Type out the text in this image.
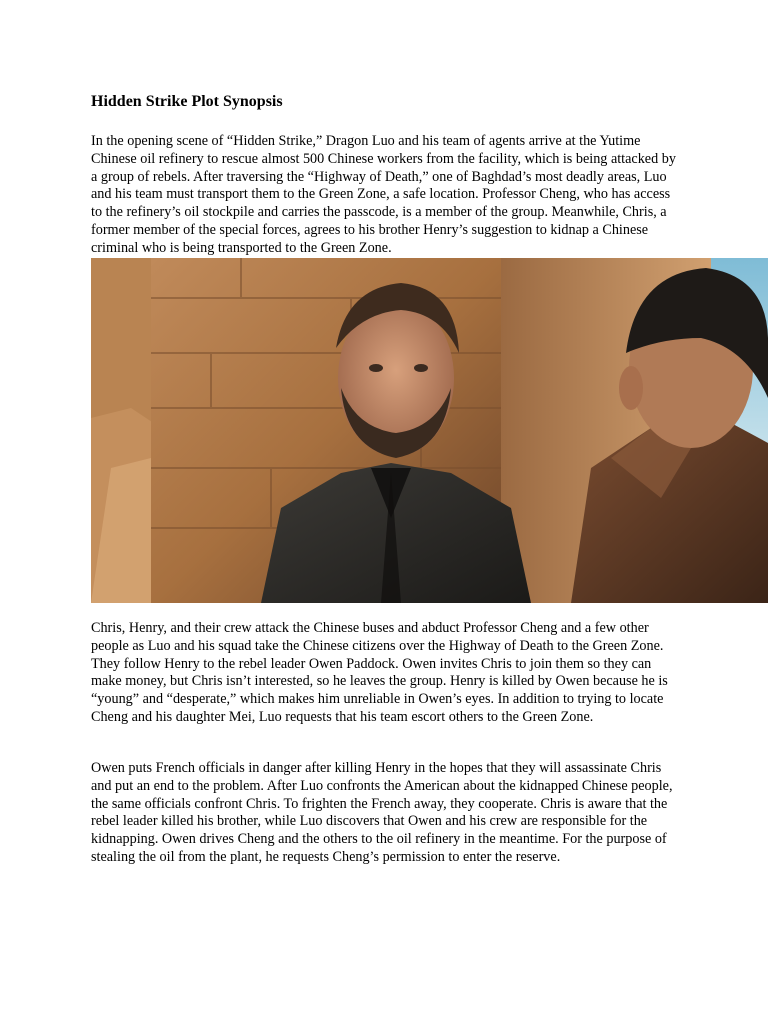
Hidden Strike Plot Synopsis

In the opening scene of “Hidden Strike,” Dragon Luo and his team of agents arrive at the Yutime Chinese oil refinery to rescue almost 500 Chinese workers from the facility, which is being attacked by a group of rebels. After traversing the “Highway of Death,” one of Baghdad’s most deadly areas, Luo and his team must transport them to the Green Zone, a safe location. Professor Cheng, who has access to the refinery’s oil stockpile and carries the passcode, is a member of the group. Meanwhile, Chris, a former member of the special forces, agrees to his brother Henry’s suggestion to kidnap a Chinese criminal who is being transported to the Green Zone.

Chris, Henry, and their crew attack the Chinese buses and abduct Professor Cheng and a few other people as Luo and his squad take the Chinese citizens over the Highway of Death to the Green Zone. They follow Henry to the rebel leader Owen Paddock. Owen invites Chris to join them so they can make money, but Chris isn’t interested, so he leaves the group. Henry is killed by Owen because he is “young” and “desperate,” which makes him unreliable in Owen’s eyes. In addition to trying to locate Cheng and his daughter Mei, Luo requests that his team escort others to the Green Zone.

Owen puts French officials in danger after killing Henry in the hopes that they will assassinate Chris and put an end to the problem. After Luo confronts the American about the kidnapped Chinese people, the same officials confront Chris. To frighten the French away, they cooperate. Chris is aware that the rebel leader killed his brother, while Luo discovers that Owen and his crew are responsible for the kidnapping. Owen drives Cheng and the others to the oil refinery in the meantime. For the purpose of stealing the oil from the plant, he requests Cheng’s permission to enter the reserve.
